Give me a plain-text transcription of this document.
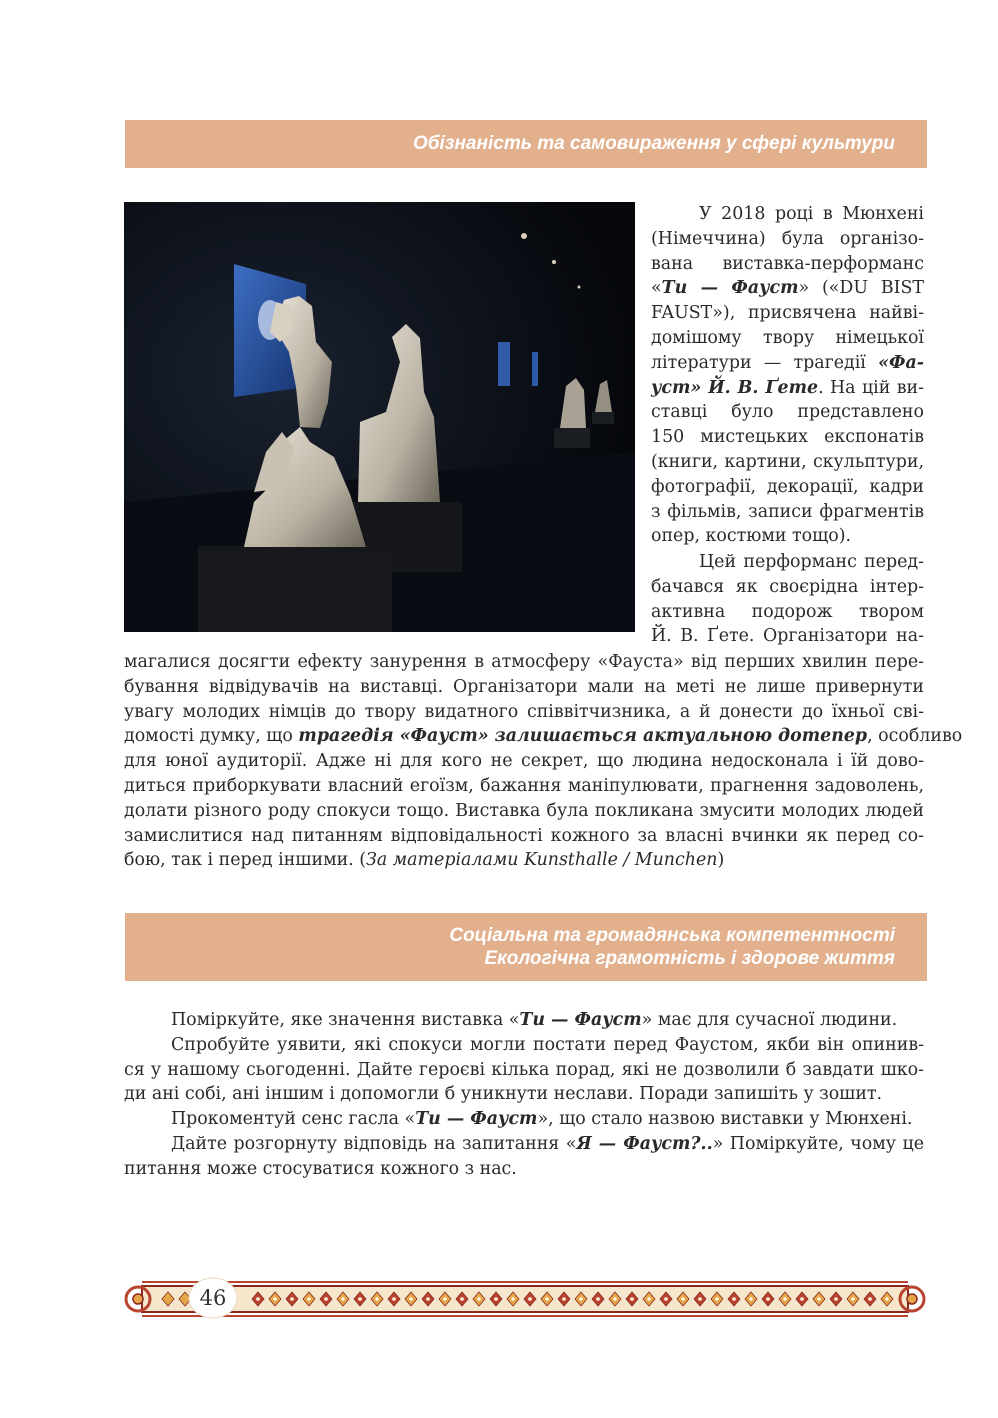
Обізнаність та самовираження у сфері культури
У 2018 році в Мюнхені
(Німеччина) була організо-
вана виставка-перформанс
«Ти — Фауст» («DU BIST
FAUST»), присвячена найві-
домішому твору німецької
літератури — трагедії «Фа-
уст» Й. В. Ґете. На цій ви-
ставці було представлено
150 мистецьких експонатів
(книги, картини, скульптури,
фотографії, декорації, кадри
з фільмів, записи фрагментів
опер, костюми тощо).
Цей перформанс перед-
бачався як своєрідна інтер-
активна подорож твором
Й. В. Ґете. Організатори на-
магалися досягти ефекту занурення в атмосферу «Фауста» від перших хвилин пере-
бування відвідувачів на виставці. Організатори мали на меті не лише привернути
увагу молодих німців до твору видатного співвітчизника, а й донести до їхньої сві-
домості думку, що трагедія «Фауст» залишається актуальною дотепер, особливо
для юної аудиторії. Адже ні для кого не секрет, що людина недосконала і їй дово-
диться приборкувати власний егоїзм, бажання маніпулювати, прагнення задоволень,
долати різного роду спокуси тощо. Виставка була покликана змусити молодих людей
замислитися над питанням відповідальності кожного за власні вчинки як перед со-
бою, так і перед іншими. (За матеріалами Kunsthalle / Munchen)
Соціальна та громадянська компетентності
Екологічна грамотність і здорове життя
Поміркуйте, яке значення виставка «Ти — Фауст» має для сучасної людини.
Спробуйте уявити, які спокуси могли постати перед Фаустом, якби він опинив-
ся у нашому сьогоденні. Дайте героєві кілька порад, які не дозволили б завдати шко-
ди ані собі, ані іншим і допомогли б уникнути неслави. Поради запишіть у зошит.
Прокоментуй сенс гасла «Ти — Фауст», що стало назвою виставки у Мюнхені.
Дайте розгорнуту відповідь на запитання «Я — Фауст?..» Поміркуйте, чому це
питання може стосуватися кожного з нас.
46
